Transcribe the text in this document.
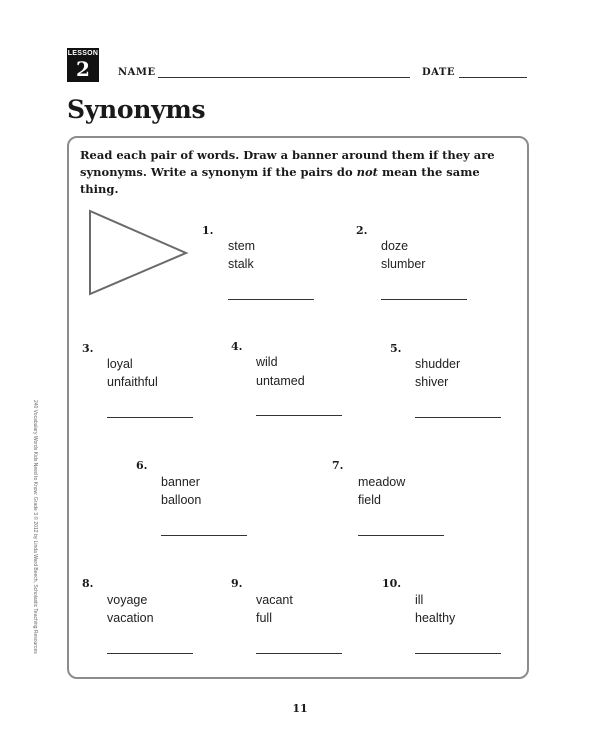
LESSON
2	NAME	DATE
Synonyms

Read each pair of words. Draw a banner around them if they are synonyms. Write a synonym if the pairs do not mean the same thing.

1.
stem
stalk
2.
doze
slumber
3.
loyal
unfaithful
4.
wild
untamed
5.
shudder
shiver
6.
banner
balloon
7.
meadow
field
8.
voyage
vacation
9.
vacant
full
10.
ill
healthy
240 Vocabulary Words Kids Need to Know: Grade 3 © 2012 by Linda Ward Beech, Scholastic Teaching Resources
11
